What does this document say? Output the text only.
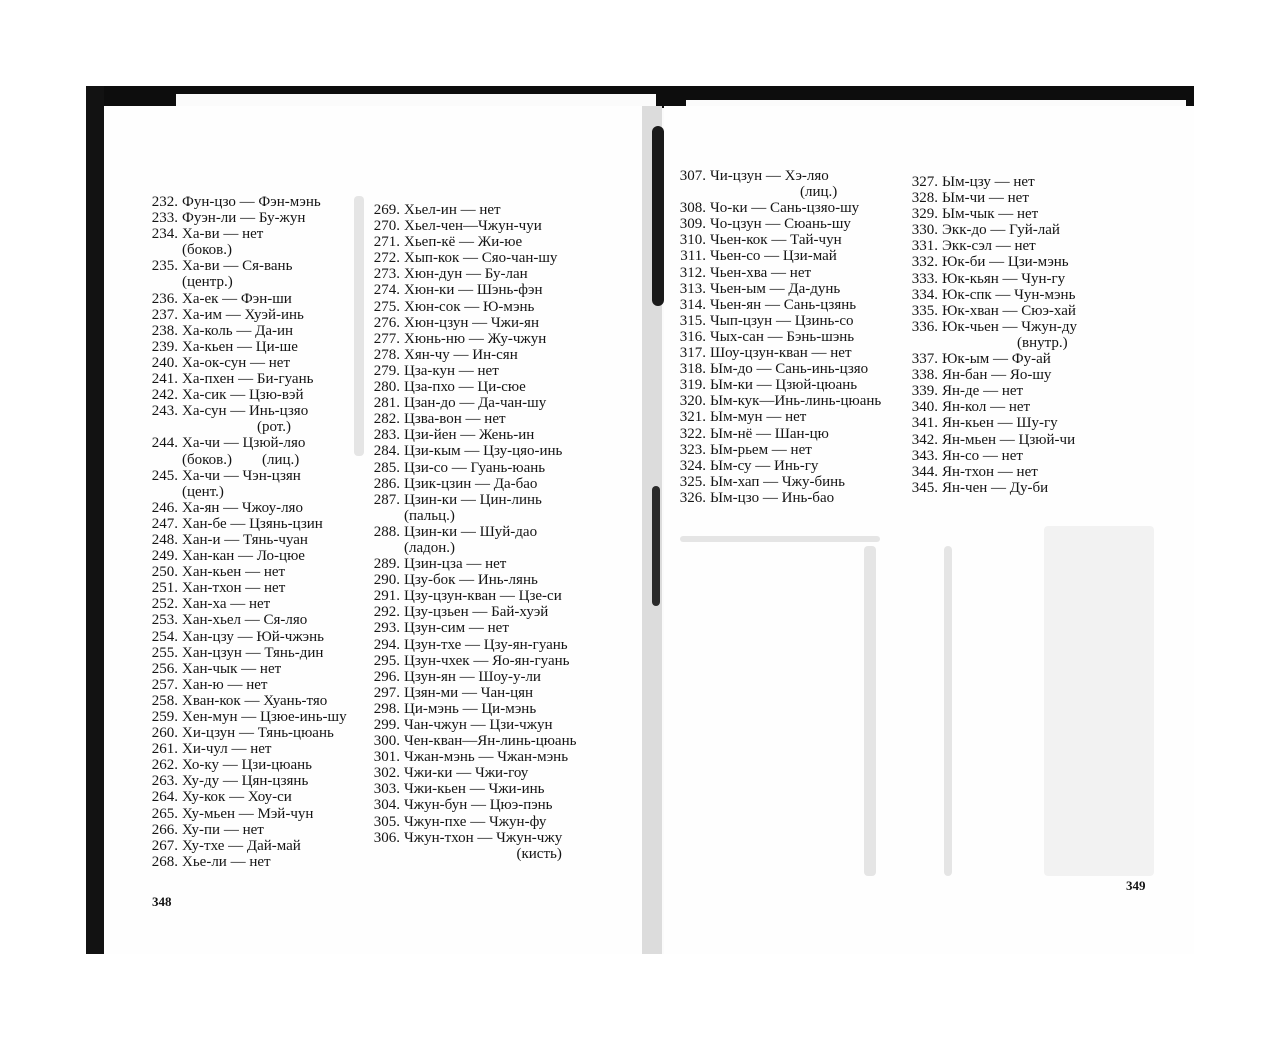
232. Фун-цзо — Фэн-мэнь
233. Фуэн-ли — Бу-жун
234. Ха-ви — нет
(боков.)
235. Ха-ви — Ся-вань
(центр.)
236. Ха-ек — Фэн-ши
237. Ха-им — Хуэй-инь
238. Ха-коль — Да-ин
239. Ха-кьен — Ци-ше
240. Ха-ок-сун — нет
241. Ха-пхен — Би-гуань
242. Ха-сик — Цзю-вэй
243. Ха-сун — Инь-цзяо
(рот.)
244. Ха-чи — Цзюй-ляо
(боков.)        (лиц.)
245. Ха-чи — Чэн-цзян
(цент.)
246. Ха-ян — Чжоу-ляо
247. Хан-бе — Цзянь-цзин
248. Хан-и — Тянь-чуан
249. Хан-кан — Ло-цюе
250. Хан-кьен — нет
251. Хан-тхон — нет
252. Хан-ха — нет
253. Хан-хьел — Ся-ляо
254. Хан-цзу — Юй-чжэнь
255. Хан-цзун — Тянь-дин
256. Хан-чык — нет
257. Хан-ю — нет
258. Хван-кок — Хуань-тяо
259. Хен-мун — Цзюе-инь-шу
260. Хи-цзун — Тянь-цюань
261. Хи-чул — нет
262. Хо-ку — Цзи-цюань
263. Ху-ду — Цян-цзянь
264. Ху-кок — Хоу-си
265. Ху-мьен — Мэй-чун
266. Ху-пи — нет
267. Ху-тхе — Дай-май
268. Хье-ли — нет
269. Хьел-ин — нет
270. Хьел-чен—Чжун-чуи
271. Хьеп-кё — Жи-юе
272. Хып-кок — Сяо-чан-шу
273. Хюн-дун — Бу-лан
274. Хюн-ки — Шэнь-фэн
275. Хюн-сок — Ю-мэнь
276. Хюн-цзун — Чжи-ян
277. Хюнь-ню — Жу-чжун
278. Хян-чу — Ин-сян
279. Цза-кун — нет
280. Цза-пхо — Ци-сюе
281. Цзан-до — Да-чан-шу
282. Цзва-вон — нет
283. Цзи-йен — Жень-ин
284. Цзи-кым — Цзу-цяо-инь
285. Цзи-со — Гуань-юань
286. Цзик-цзин — Да-бао
287. Цзин-ки — Цин-линь
(пальц.)
288. Цзин-ки — Шуй-дао
(ладон.)
289. Цзин-цза — нет
290. Цзу-бок — Инь-лянь
291. Цзу-цзун-кван — Цзе-си
292. Цзу-цзьен — Бай-хуэй
293. Цзун-сим — нет
294. Цзун-тхе — Цзу-ян-гуань
295. Цзун-чхек — Яо-ян-гуань
296. Цзун-ян — Шоу-у-ли
297. Цзян-ми — Чан-цян
298. Ци-мэнь — Ци-мэнь
299. Чан-чжун — Цзи-чжун
300. Чен-кван—Ян-линь-цюань
301. Чжан-мэнь — Чжан-мэнь
302. Чжи-ки — Чжи-гоу
303. Чжи-кьен — Чжи-инь
304. Чжун-бун — Цюэ-пэнь
305. Чжун-пхе — Чжун-фу
306. Чжун-тхон — Чжун-чжу
(кисть)
348
307. Чи-цзун — Хэ-ляо
(лиц.)
308. Чо-ки — Сань-цзяо-шу
309. Чо-цзун — Сюань-шу
310. Чьен-кок — Тай-чун
311. Чьен-со — Цзи-май
312. Чьен-хва — нет
313. Чьен-ым — Да-дунь
314. Чьен-ян — Сань-цзянь
315. Чып-цзун — Цзинь-со
316. Чых-сан — Бэнь-шэнь
317. Шоу-цзун-кван — нет
318. Ым-до — Сань-инь-цзяо
319. Ым-ки — Цзюй-цюань
320. Ым-кук—Инь-линь-цюань
321. Ым-мун — нет
322. Ым-нё — Шан-цю
323. Ым-рьем — нет
324. Ым-су — Инь-гу
325. Ым-хап — Чжу-бинь
326. Ым-цзо — Инь-бао
327. Ым-цзу — нет
328. Ым-чи — нет
329. Ым-чык — нет
330. Экк-до — Гуй-лай
331. Экк-сэл — нет
332. Юк-би — Цзи-мэнь
333. Юк-кьян — Чун-гу
334. Юк-спк — Чун-мэнь
335. Юк-хван — Сюэ-хай
336. Юк-чьен — Чжун-ду
(внутр.)
337. Юк-ым — Фу-ай
338. Ян-бан — Яо-шу
339. Ян-де — нет
340. Ян-кол — нет
341. Ян-кьен — Шу-гу
342. Ян-мьен — Цзюй-чи
343. Ян-со — нет
344. Ян-тхон — нет
345. Ян-чен — Ду-би
349
